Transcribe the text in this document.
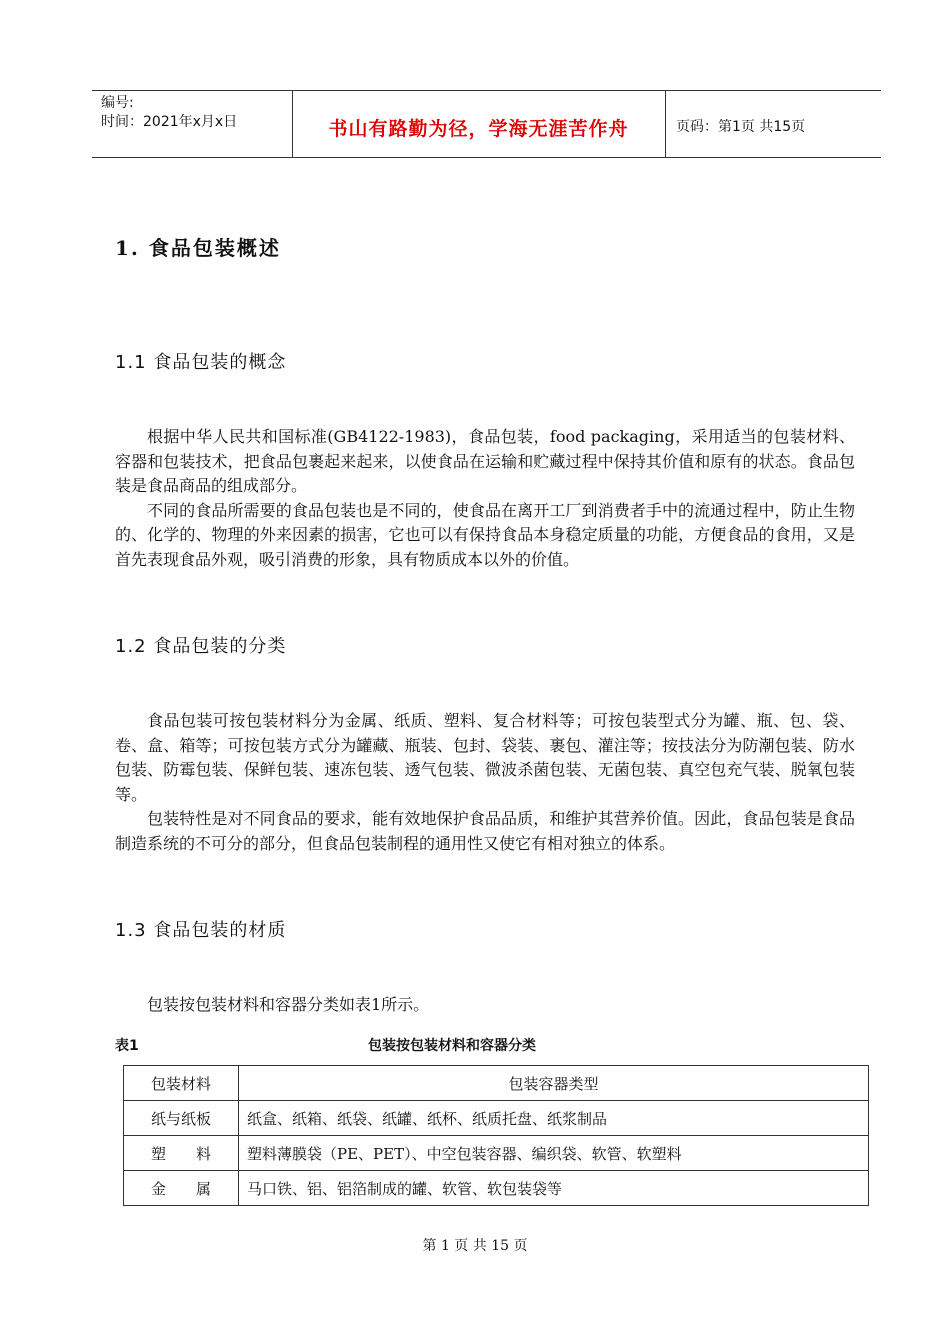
编号:
时间：2021年x月x日	书山有路勤为径，学海无涯苦作舟	页码：第1页 共15页
1. 食品包装概述
1.1 食品包装的概念

根据中华人民共和国标准(GB4122-1983)，食品包装，food packaging，采用适当的包装材料、容器和包装技术，把食品包裹起来起来，以使食品在运输和贮藏过程中保持其价值和原有的状态。食品包装是食品商品的组成部分。

不同的食品所需要的食品包装也是不同的，使食品在离开工厂到消费者手中的流通过程中，防止生物的、化学的、物理的外来因素的损害，它也可以有保持食品本身稳定质量的功能，方便食品的食用，又是首先表现食品外观，吸引消费的形象，具有物质成本以外的价值。

1.2 食品包装的分类

食品包装可按包装材料分为金属、纸质、塑料、复合材料等；可按包装型式分为罐、瓶、包、袋、卷、盒、箱等；可按包装方式分为罐藏、瓶装、包封、袋装、裹包、灌注等；按技法分为防潮包装、防水包装、防霉包装、保鲜包装、速冻包装、透气包装、微波杀菌包装、无菌包装、真空包充气装、脱氧包装等。

包装特性是对不同食品的要求，能有效地保护食品品质，和维护其营养价值。因此，食品包装是食品制造系统的不可分的部分，但食品包装制程的通用性又使它有相对独立的体系。

1.3 食品包装的材质

包装按包装材料和容器分类如表1所示。

表1	包装按包装材料和容器分类
包装材料	包装容器类型
纸与纸板	纸盒、纸箱、纸袋、纸罐、纸杯、纸质托盘、纸浆制品
塑　　料	塑料薄膜袋（PE、PET）、中空包装容器、编织袋、软管、软塑料
金　　属	马口铁、铝、铝箔制成的罐、软管、软包装袋等
第 1 页 共 15 页
